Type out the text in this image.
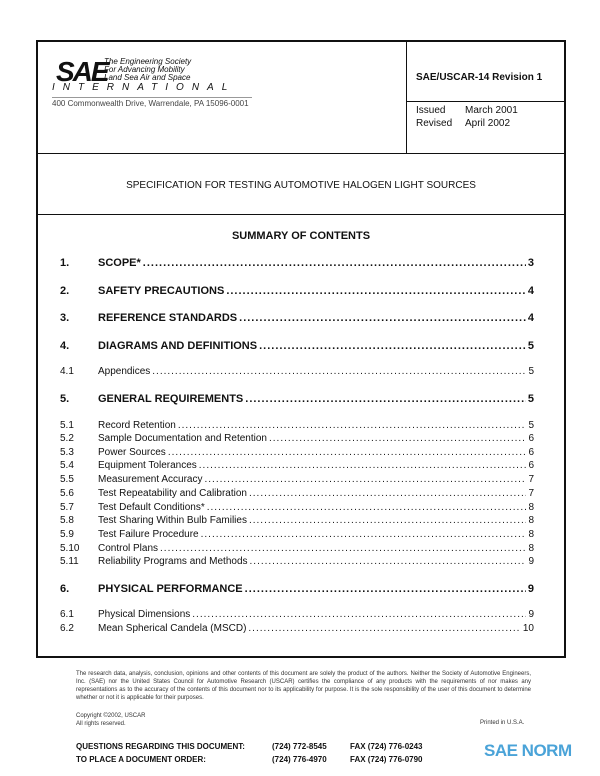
SAE
The Engineering Society
For Advancing Mobility
Land Sea Air and Space
INTERNATIONAL
400 Commonwealth Drive, Warrendale, PA 15096-0001
SAE/USCAR-14 Revision 1
Issued March 2001
Revised April 2002
SPECIFICATION FOR TESTING AUTOMOTIVE HALOGEN LIGHT SOURCES
SUMMARY OF CONTENTS
1.	SCOPE* .....	3
2.	SAFETY PRECAUTIONS .....	4
3.	REFERENCE STANDARDS .....	4
4.	DIAGRAMS AND DEFINITIONS .....	5
4.1	Appendices .....	5
5.	GENERAL REQUIREMENTS .....	5
5.1	Record Retention .....	5
5.2	Sample Documentation and Retention .....	6
5.3	Power Sources .....	6
5.4	Equipment Tolerances .....	6
5.5	Measurement Accuracy .....	7
5.6	Test Repeatability and Calibration .....	7
5.7	Test Default Conditions* .....	8
5.8	Test Sharing Within Bulb Families .....	8
5.9	Test Failure Procedure .....	8
5.10	Control Plans .....	8
5.11	Reliability Programs and Methods .....	9
6.	PHYSICAL PERFORMANCE .....	9
6.1	Physical Dimensions .....	9
6.2	Mean Spherical Candela (MSCD) .....	10
The research data, analysis, conclusion, opinions and other contents of this document are solely the product of the authors. Neither the Society of Automotive Engineers, Inc. (SAE) nor the United States Council for Automotive Research (USCAR) certifies the compliance of any products with the requirements of nor makes any representations as to the accuracy of the contents of this document nor to its applicability for purpose. It is the sole responsibility of the user of this document to determine whether or not it is applicable for their purposes.
Copyright ©2002, USCAR
All rights reserved.	Printed in U.S.A.
QUESTIONS REGARDING THIS DOCUMENT:	(724) 772-8545	FAX (724) 776-0243
TO PLACE A DOCUMENT ORDER:	(724) 776-4970	FAX (724) 776-0790	SAE NORM
